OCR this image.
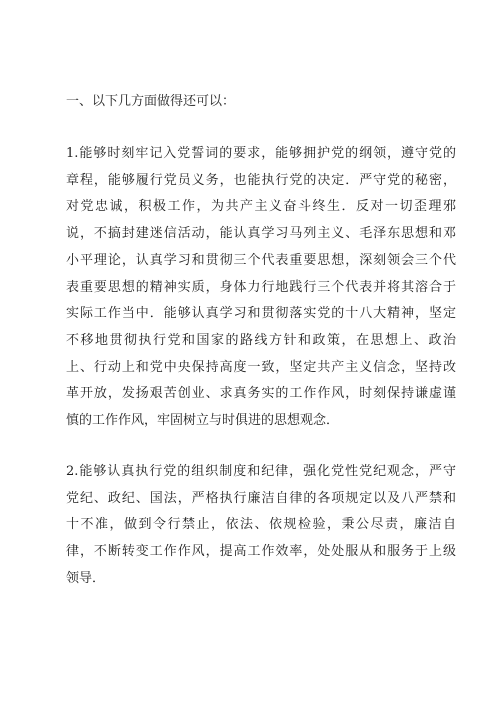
一、以下几方面做得还可以：
1.能够时刻牢记入党誓词的要求，能够拥护党的纲领，遵守党的
章程，能够履行党员义务，也能执行党的决定．严守党的秘密，
对党忠诚，积极工作，为共产主义奋斗终生．反对一切歪理邪
说，不搞封建迷信活动，能认真学习马列主义、毛泽东思想和邓
小平理论，认真学习和贯彻三个代表重要思想，深刻领会三个代
表重要思想的精神实质，身体力行地践行三个代表并将其溶合于
实际工作当中．能够认真学习和贯彻落实党的十八大精神，坚定
不移地贯彻执行党和国家的路线方针和政策，在思想上、政治
上、行动上和党中央保持高度一致，坚定共产主义信念，坚持改
革开放，发扬艰苦创业、求真务实的工作作风，时刻保持谦虚谨
慎的工作作风，牢固树立与时俱进的思想观念．
2.能够认真执行党的组织制度和纪律，强化党性党纪观念，严守
党纪、政纪、国法，严格执行廉洁自律的各项规定以及八严禁和
十不准，做到令行禁止，依法、依规检验，秉公尽责，廉洁自
律，不断转变工作作风，提高工作效率，处处服从和服务于上级
领导．
